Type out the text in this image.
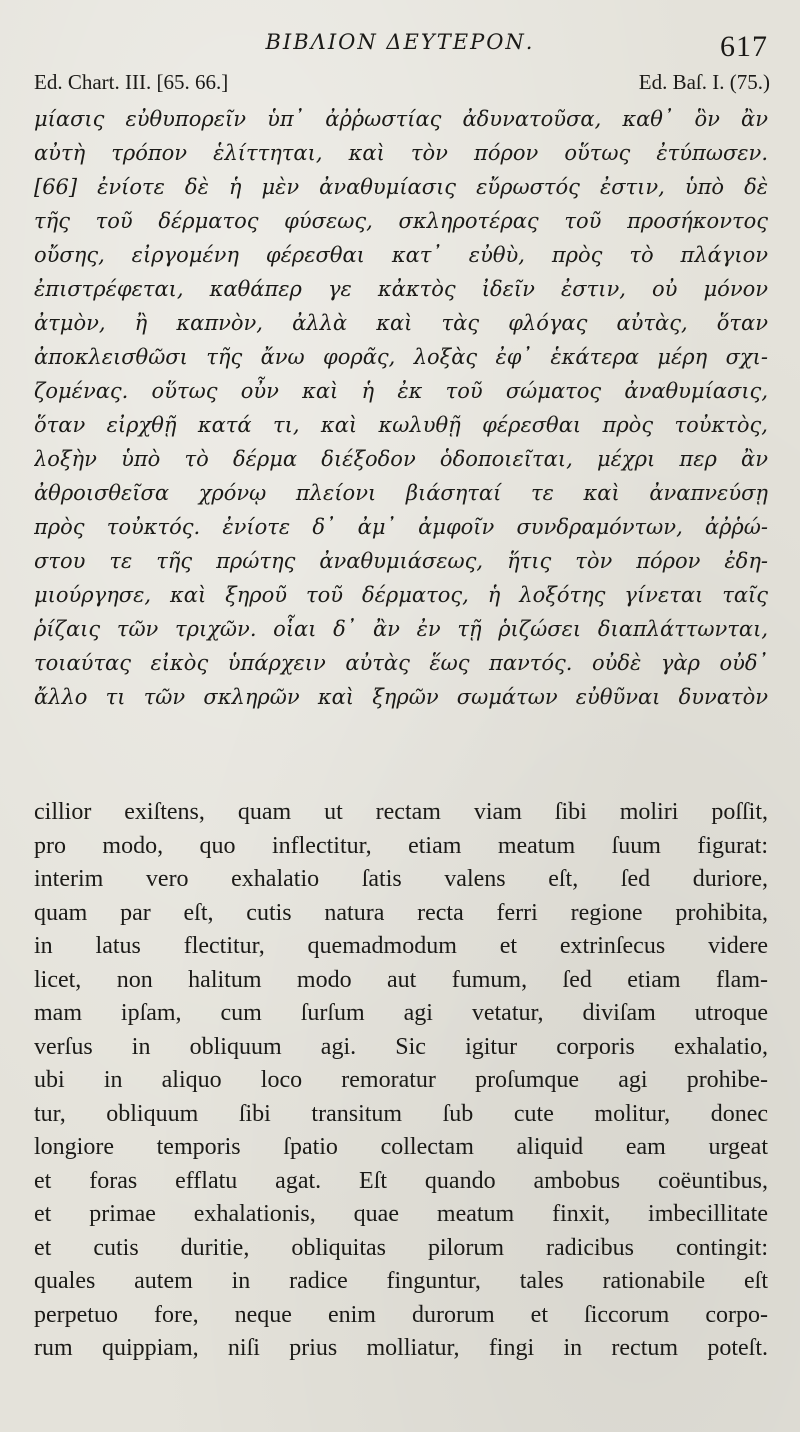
BIBΛΙΟΝ ΔΕΥΤΕΡΟΝ.	617
Ed. Chart. III. [65. 66.]	Ed. Baſ. I. (75.)
μίασις εὐθυπορεῖν ὑπ᾽ ἀῤῥωστίας ἀδυνατοῦσα, καθ᾽ ὃν ἂν
αὐτὴ τρόπον ἑλίττηται, καὶ τὸν πόρον οὕτως ἐτύπωσεν.
[66] ἐνίοτε δὲ ἡ μὲν ἀναθυμίασις εὔρωστός ἐστιν, ὑπὸ δὲ
τῆς τοῦ δέρματος φύσεως, σκληροτέρας τοῦ προσήκοντος
οὔσης, εἰργομένη φέρεσθαι κατ᾽ εὐθὺ, πρὸς τὸ πλάγιον
ἐπιστρέφεται, καθάπερ γε κἀκτὸς ἰδεῖν ἐστιν, οὐ μόνον
ἀτμὸν, ἢ καπνὸν, ἀλλὰ καὶ τὰς φλόγας αὐτὰς, ὅταν
ἀποκλεισθῶσι τῆς ἄνω φορᾶς, λοξὰς ἐφ᾽ ἑκάτερα μέρη σχι-
ζομένας. οὕτως οὖν καὶ ἡ ἐκ τοῦ σώματος ἀναθυμίασις,
ὅταν εἰρχθῇ κατά τι, καὶ κωλυθῇ φέρεσθαι πρὸς τοὐκτὸς,
λοξὴν ὑπὸ τὸ δέρμα διέξοδον ὁδοποιεῖται, μέχρι περ ἂν
ἀθροισθεῖσα χρόνῳ πλείονι βιάσηταί τε καὶ ἀναπνεύσῃ
πρὸς τοὐκτός. ἐνίοτε δ᾽ ἀμ᾽ ἀμφοῖν συνδραμόντων, ἀῤῥώ-
στου τε τῆς πρώτης ἀναθυμιάσεως, ἥτις τὸν πόρον ἐδη-
μιούργησε, καὶ ξηροῦ τοῦ δέρματος, ἡ λοξότης γίνεται ταῖς
ῥίζαις τῶν τριχῶν. οἷαι δ᾽ ἂν ἐν τῇ ῥιζώσει διαπλάττωνται,
τοιαύτας εἰκὸς ὑπάρχειν αὐτὰς ἕως παντός. οὐδὲ γὰρ οὐδ᾽
ἄλλο τι τῶν σκληρῶν καὶ ξηρῶν σωμάτων εὐθῦναι δυνατὸν
cillior exiſtens, quam ut rectam viam ſibi moliri poſſit,
pro modo, quo inflectitur, etiam meatum ſuum figurat:
interim vero exhalatio ſatis valens eſt, ſed duriore,
quam par eſt, cutis natura recta ferri regione prohibita,
in latus flectitur, quemadmodum et extrinſecus videre
licet, non halitum modo aut fumum, ſed etiam flam-
mam ipſam, cum ſurſum agi vetatur, diviſam utroque
verſus in obliquum agi. Sic igitur corporis exhalatio,
ubi in aliquo loco remoratur proſumque agi prohibe-
tur, obliquum ſibi transitum ſub cute molitur, donec
longiore temporis ſpatio collectam aliquid eam urgeat
et foras efflatu agat. Eſt quando ambobus coëuntibus,
et primae exhalationis, quae meatum finxit, imbecillitate
et cutis duritie, obliquitas pilorum radicibus contingit:
quales autem in radice finguntur, tales rationabile eſt
perpetuo fore, neque enim durorum et ſiccorum corpo-
rum quippiam, niſi prius molliatur, fingi in rectum poteſt.
